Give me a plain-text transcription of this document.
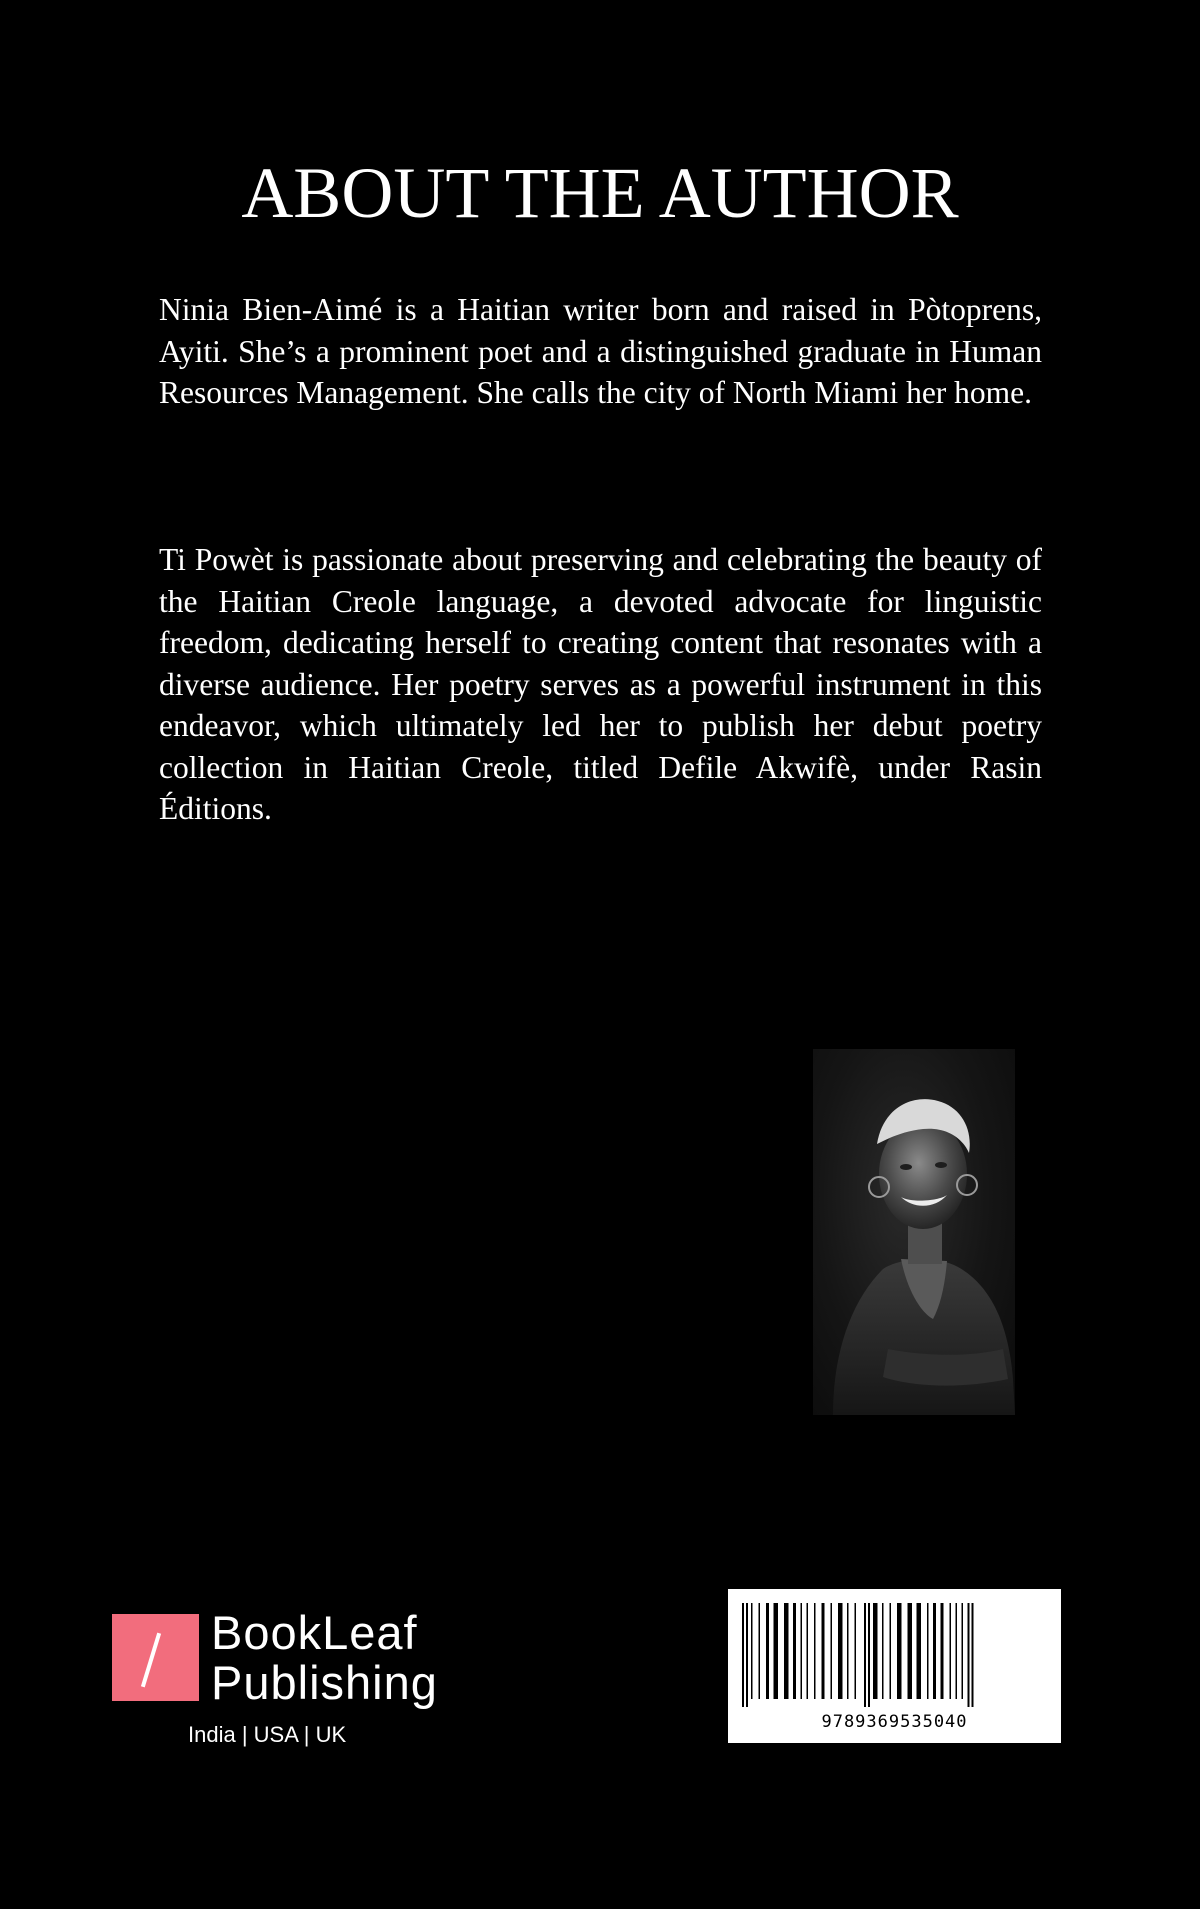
ABOUT THE AUTHOR

Ninia Bien-Aimé is a Haitian writer born and raised in Pòtoprens, Ayiti. She’s a prominent poet and a distinguished graduate in Human Resources Management. She calls the city of North Miami her home.

Ti Powèt is passionate about preserving and celebrating the beauty of the Haitian Creole language, a devoted advocate for linguistic freedom, dedicating herself to creating content that resonates with a diverse audience. Her poetry serves as a powerful instrument in this endeavor, which ultimately led her to publish her debut poetry collection in Haitian Creole, titled Defile Akwifè, under Rasin Éditions.

BookLeaf
Publishing
India | USA | UK	9789369535040
